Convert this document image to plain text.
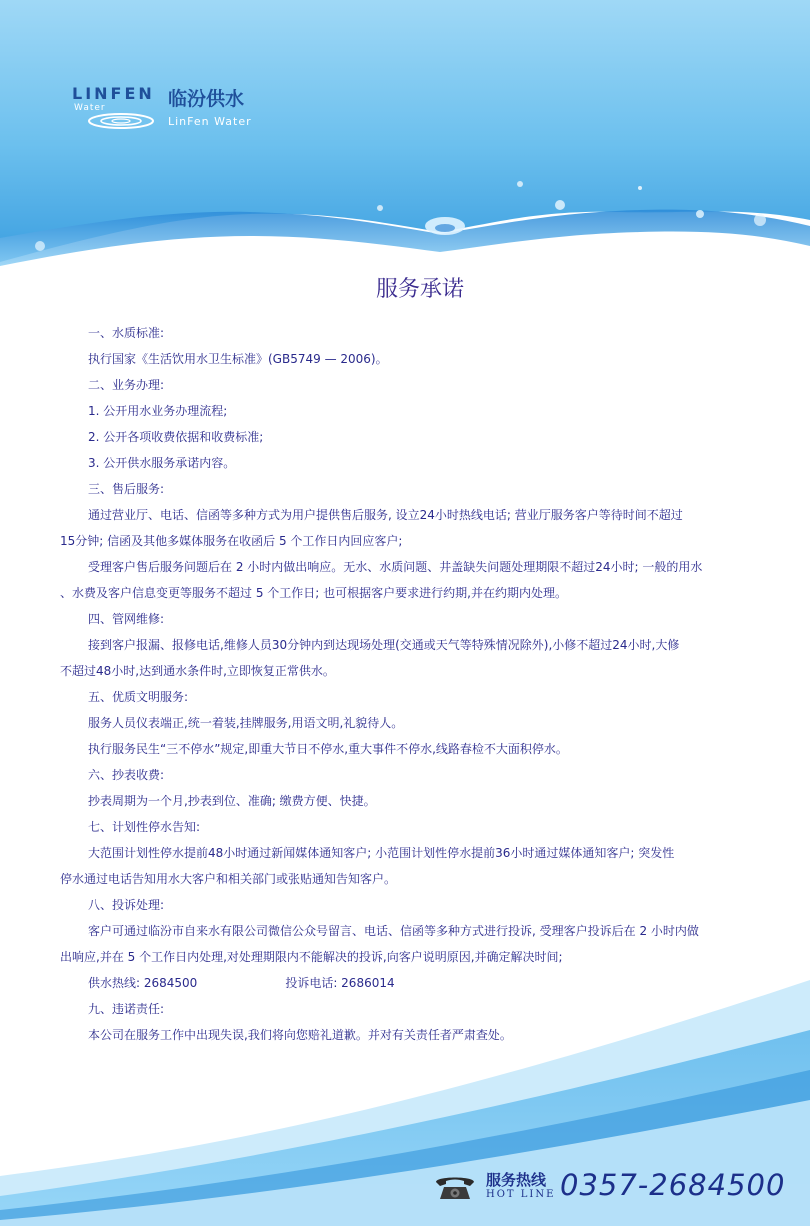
LINFEN
Water	临汾供水
LinFen Water
服务承诺
一、水质标准:
执行国家《生活饮用水卫生标准》(GB5749 — 2006)。
二、业务办理:
1. 公开用水业务办理流程;
2. 公开各项收费依据和收费标准;
3. 公开供水服务承诺内容。
三、售后服务:
通过营业厅、电话、信函等多种方式为用户提供售后服务, 设立24小时热线电话; 营业厅服务客户等待时间不超过
15分钟; 信函及其他多媒体服务在收函后 5 个工作日内回应客户;
受理客户售后服务问题后在 2 小时内做出响应。无水、水质问题、井盖缺失问题处理期限不超过24小时; 一般的用水
、水费及客户信息变更等服务不超过 5 个工作日; 也可根据客户要求进行约期,并在约期内处理。
四、管网维修:
接到客户报漏、报修电话,维修人员30分钟内到达现场处理(交通或天气等特殊情况除外),小修不超过24小时,大修
不超过48小时,达到通水条件时,立即恢复正常供水。
五、优质文明服务:
服务人员仪表端正,统一着装,挂牌服务,用语文明,礼貌待人。
执行服务民生“三不停水”规定,即重大节日不停水,重大事件不停水,线路春检不大面积停水。
六、抄表收费:
抄表周期为一个月,抄表到位、准确; 缴费方便、快捷。
七、计划性停水告知:
大范围计划性停水提前48小时通过新闻媒体通知客户; 小范围计划性停水提前36小时通过媒体通知客户; 突发性
停水通过电话告知用水大客户和相关部门或张贴通知告知客户。
八、投诉处理:
客户可通过临汾市自来水有限公司微信公众号留言、电话、信函等多种方式进行投诉, 受理客户投诉后在 2 小时内做
出响应,并在 5 个工作日内处理,对处理期限内不能解决的投诉,向客户说明原因,并确定解决时间;
供水热线: 2684500	投诉电话: 2686014
九、违诺责任:
本公司在服务工作中出现失误,我们将向您赔礼道歉。并对有关责任者严肃查处。
服务热线
HOT LINE 0357-2684500
